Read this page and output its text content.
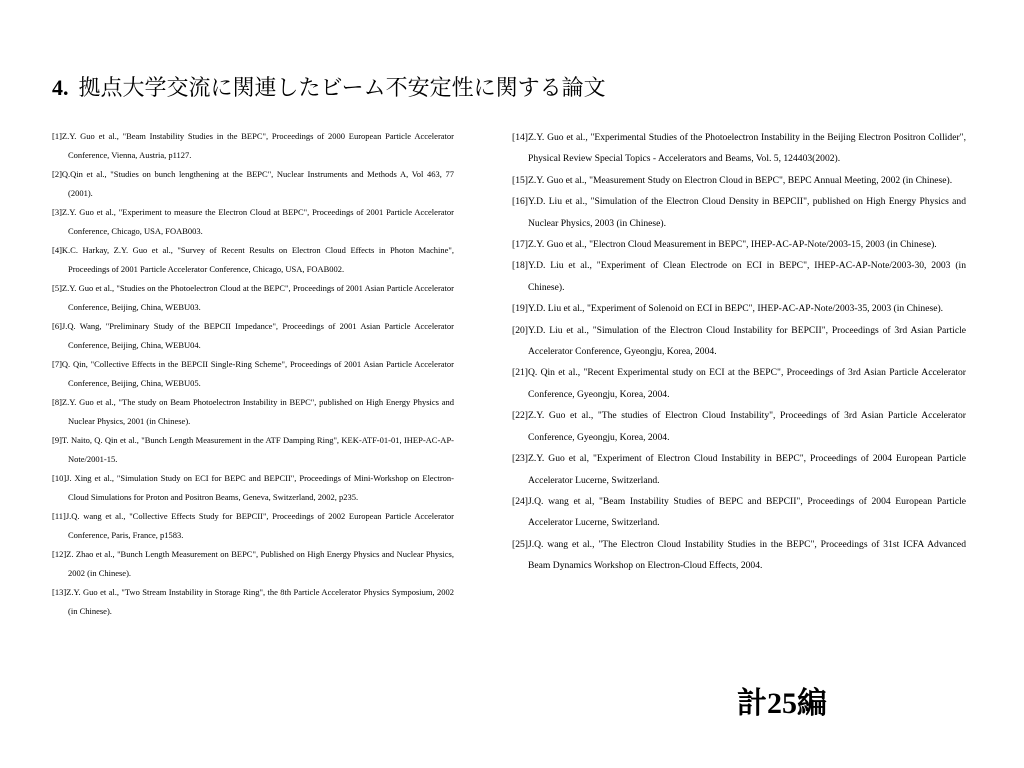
4. 拠点大学交流に関連したビーム不安定性に関する論文
[1]Z.Y. Guo et al., "Beam Instability Studies in the BEPC", Proceedings of 2000 European Particle Accelerator Conference, Vienna, Austria, p1127.
[2]Q.Qin et al., "Studies on bunch lengthening at the BEPC", Nuclear Instruments and Methods A, Vol 463, 77 (2001).
[3]Z.Y. Guo et al., "Experiment to measure the Electron Cloud at BEPC", Proceedings of 2001 Particle Accelerator Conference, Chicago, USA, FOAB003.
[4]K.C. Harkay, Z.Y. Guo et al., "Survey of Recent Results on Electron Cloud Effects in Photon Machine", Proceedings of 2001 Particle Accelerator Conference, Chicago, USA, FOAB002.
[5]Z.Y. Guo et al., "Studies on the Photoelectron Cloud at the BEPC", Proceedings of 2001 Asian Particle Accelerator Conference, Beijing, China, WEBU03.
[6]J.Q. Wang, "Preliminary Study of the BEPCII Impedance", Proceedings of 2001 Asian Particle Accelerator Conference, Beijing, China, WEBU04.
[7]Q. Qin, "Collective Effects in the BEPCII Single-Ring Scheme", Proceedings of 2001 Asian Particle Accelerator Conference, Beijing, China, WEBU05.
[8]Z.Y. Guo et al., "The study on Beam Photoelectron Instability in BEPC", published on High Energy Physics and Nuclear Physics, 2001 (in Chinese).
[9]T. Naito, Q. Qin et al., "Bunch Length Measurement in the ATF Damping Ring", KEK-ATF-01-01, IHEP-AC-AP-Note/2001-15.
[10]J. Xing et al., "Simulation Study on ECI for BEPC and BEPCII", Proceedings of Mini-Workshop on Electron-Cloud Simulations for Proton and Positron Beams, Geneva, Switzerland, 2002, p235.
[11]J.Q. wang et al., "Collective Effects Study for BEPCII", Proceedings of 2002 European Particle Accelerator Conference, Paris, France, p1583.
[12]Z. Zhao et al., "Bunch Length Measurement on BEPC", Published on High Energy Physics and Nuclear Physics, 2002 (in Chinese).
[13]Z.Y. Guo et al., "Two Stream Instability in Storage Ring", the 8th Particle Accelerator Physics Symposium, 2002 (in Chinese).
[14]Z.Y. Guo et al., "Experimental Studies of the Photoelectron Instability in the Beijing Electron Positron Collider", Physical Review Special Topics - Accelerators and Beams, Vol. 5, 124403(2002).
[15]Z.Y. Guo et al., "Measurement Study on Electron Cloud in BEPC", BEPC Annual Meeting, 2002 (in Chinese).
[16]Y.D. Liu et al., "Simulation of the Electron Cloud Density in BEPCII", published on High Energy Physics and Nuclear Physics, 2003 (in Chinese).
[17]Z.Y. Guo et al., "Electron Cloud Measurement in BEPC", IHEP-AC-AP-Note/2003-15, 2003 (in Chinese).
[18]Y.D. Liu et al., "Experiment of Clean Electrode on ECI in BEPC", IHEP-AC-AP-Note/2003-30, 2003 (in Chinese).
[19]Y.D. Liu et al., "Experiment of Solenoid on ECI in BEPC", IHEP-AC-AP-Note/2003-35, 2003 (in Chinese).
[20]Y.D. Liu et al., "Simulation of the Electron Cloud Instability for BEPCII", Proceedings of 3rd Asian Particle Accelerator Conference, Gyeongju, Korea, 2004.
[21]Q. Qin et al., "Recent Experimental study on ECI at the BEPC", Proceedings of 3rd Asian Particle Accelerator Conference, Gyeongju, Korea, 2004.
[22]Z.Y. Guo et al., "The studies of Electron Cloud Instability", Proceedings of 3rd Asian Particle Accelerator Conference, Gyeongju, Korea, 2004.
[23]Z.Y. Guo et al, "Experiment of Electron Cloud Instability in BEPC", Proceedings of 2004 European Particle Accelerator Lucerne, Switzerland.
[24]J.Q. wang et al, "Beam Instability Studies of BEPC and BEPCII", Proceedings of 2004 European Particle Accelerator Lucerne, Switzerland.
[25]J.Q. wang et al., "The Electron Cloud Instability Studies in the BEPC", Proceedings of 31st ICFA Advanced Beam Dynamics Workshop on Electron-Cloud Effects, 2004.
計25編
